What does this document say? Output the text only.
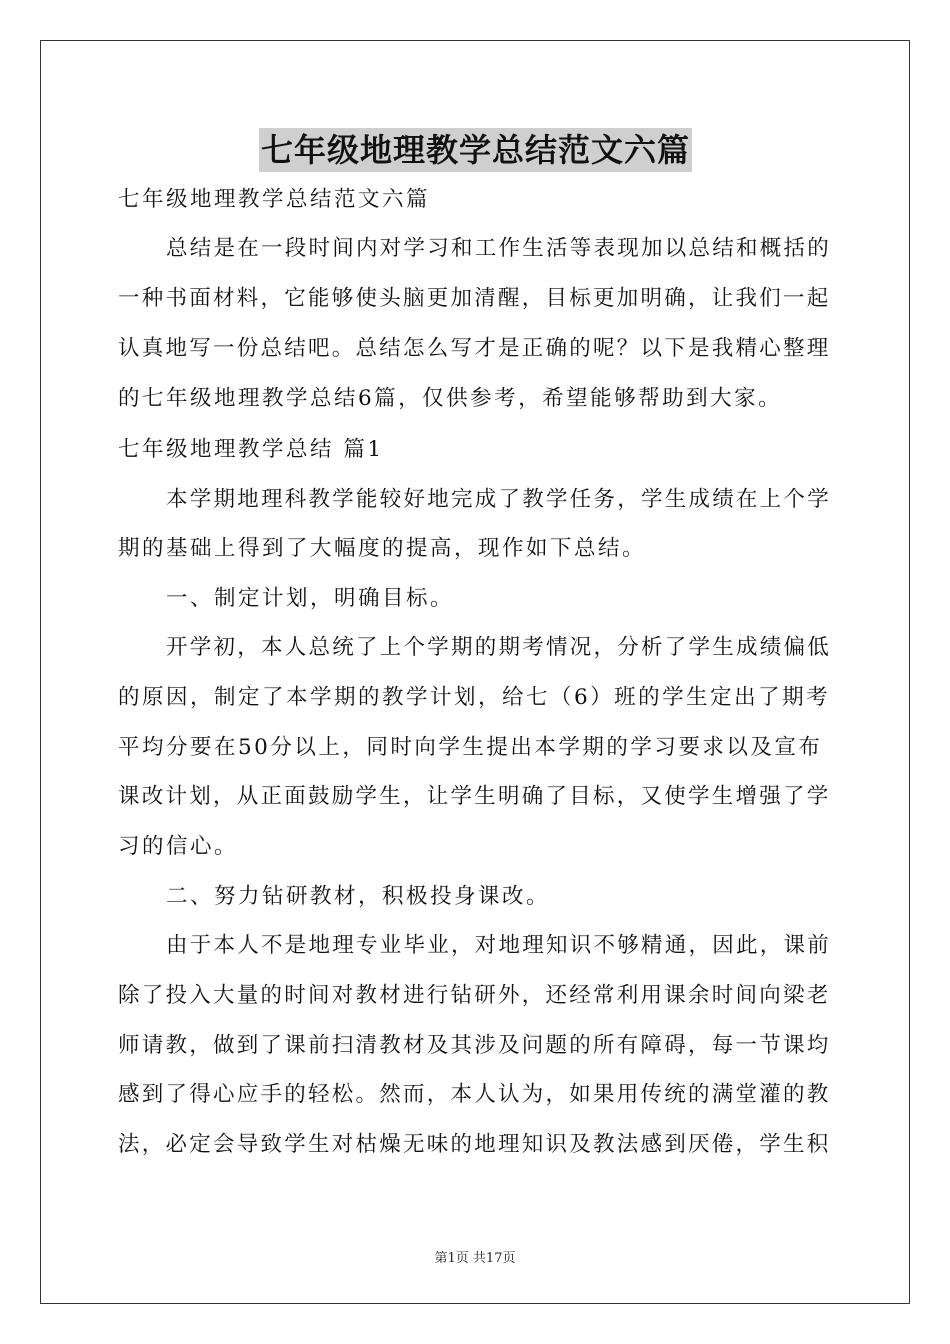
七年级地理教学总结范文六篇
七年级地理教学总结范文六篇
总结是在一段时间内对学习和工作生活等表现加以总结和概括的
一种书面材料，它能够使头脑更加清醒，目标更加明确，让我们一起
认真地写一份总结吧。总结怎么写才是正确的呢？以下是我精心整理
的七年级地理教学总结6篇，仅供参考，希望能够帮助到大家。
七年级地理教学总结 篇1
本学期地理科教学能较好地完成了教学任务，学生成绩在上个学
期的基础上得到了大幅度的提高，现作如下总结。
一、制定计划，明确目标。
开学初，本人总统了上个学期的期考情况，分析了学生成绩偏低
的原因，制定了本学期的教学计划，给七（6）班的学生定出了期考
平均分要在50分以上，同时向学生提出本学期的学习要求以及宣布
课改计划，从正面鼓励学生，让学生明确了目标，又使学生增强了学
习的信心。
二、努力钻研教材，积极投身课改。
由于本人不是地理专业毕业，对地理知识不够精通，因此，课前
除了投入大量的时间对教材进行钻研外，还经常利用课余时间向梁老
师请教，做到了课前扫清教材及其涉及问题的所有障碍，每一节课均
感到了得心应手的轻松。然而，本人认为，如果用传统的满堂灌的教
法，必定会导致学生对枯燥无味的地理知识及教法感到厌倦，学生积
第1页 共17页
